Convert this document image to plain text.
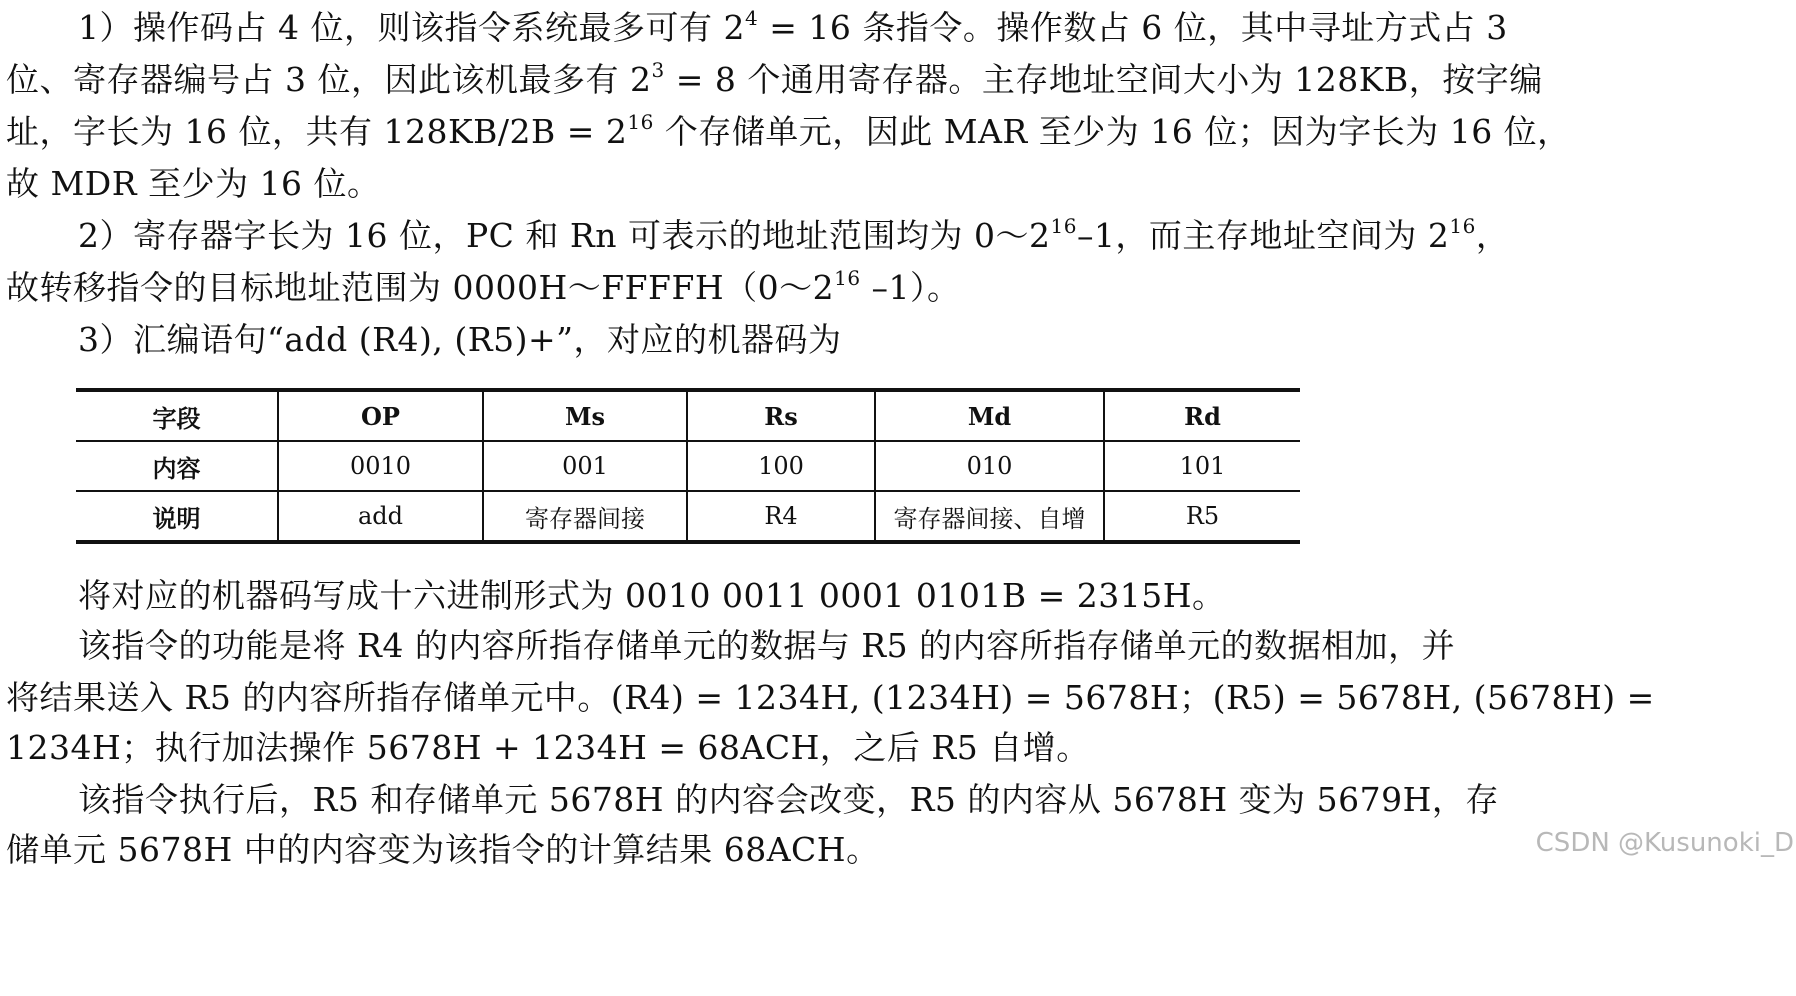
1）操作码占 4 位，则该指令系统最多可有 $2^4 = 16$ 条指令。操作数占 6 位，其中寻址方式占 3
位、寄存器编号占 3 位，因此该机最多有 $2^3 = 8$ 个通用寄存器。主存地址空间大小为 128KB，按字编
址，字长为 16 位，共有 $128KB/2B = 2^{16}$ 个存储单元，因此 MAR 至少为 16 位；因为字长为 16 位，
故 MDR 至少为 16 位。
2）寄存器字长为 16 位，PC 和 Rn 可表示的地址范围均为 $0\sim 2^{16}-1$，而主存地址空间为 $2^{16}$，
故转移指令的目标地址范围为 $0000H\sim FFFFH(0\sim 2^{16}$ –1）。
3）汇编语句“add (R4), (R5)+”，对应的机器码为
字段	OP	Ms	Rs	Md	Rd
内容	0010	001	100	010	101
说明	add	寄存器间接	R4	寄存器间接、自增	R5
将对应的机器码写成十六进制形式为 0010 0011 0001 0101B = 2315H。
该指令的功能是将 R4 的内容所指存储单元的数据与 R5 的内容所指存储单元的数据相加，并
将结果送入 R5 的内容所指存储单元中。(R4) = 1234H, (1234H) = 5678H；(R5) = 5678H, (5678H) =
1234H；执行加法操作 5678H + 1234H = 68ACH，之后 R5 自增。
该指令执行后，R5 和存储单元 5678H 的内容会改变，R5 的内容从 5678H 变为 5679H，存
储单元 5678H 中的内容变为该指令的计算结果 68ACH。	CSDN @Kusunoki_D
